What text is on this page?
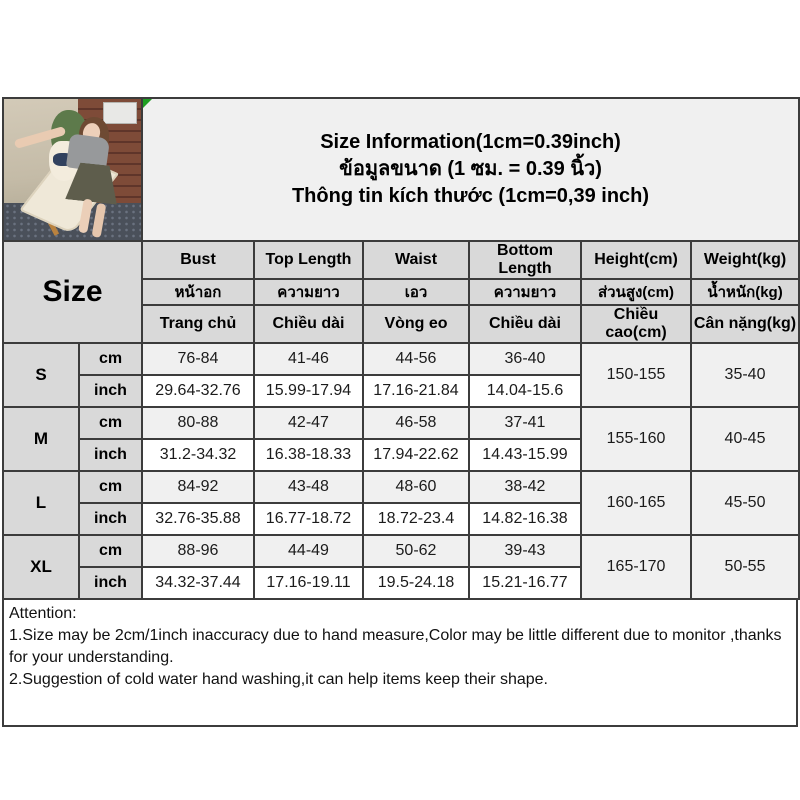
		Size Information(1cm=0.39inch)
ข้อมูลขนาด (1 ซม. = 0.39 นิ้ว)
Thông tin kích thước (1cm=0,39 inch)					

Size		Bust	Top Length	Waist	Bottom Length	Height(cm)	Weight(kg)
		หน้าอก	ความยาว	เอว	ความยาว	ส่วนสูง(cm)	น้ำหนัก(kg)
		Trang chủ	Chiều dài	Vòng eo	Chiều dài	Chiều cao(cm)	Cân nặng(kg)
S	cm	76-84	41-46	44-56	36-40	150-155	35-40
	inch	29.64-32.76	15.99-17.94	17.16-21.84	14.04-15.6		
M	cm	80-88	42-47	46-58	37-41	155-160	40-45
	inch	31.2-34.32	16.38-18.33	17.94-22.62	14.43-15.99		
L	cm	84-92	43-48	48-60	38-42	160-165	45-50
	inch	32.76-35.88	16.77-18.72	18.72-23.4	14.82-16.38		
XL	cm	88-96	44-49	50-62	39-43	165-170	50-55
	inch	34.32-37.44	17.16-19.11	19.5-24.18	15.21-16.77		
Attention:
1.Size may be 2cm/1inch inaccuracy due to hand measure,Color may be little different due to monitor ,thanks for your understanding.
2.Suggestion of cold water hand washing,it can help items keep their shape.
